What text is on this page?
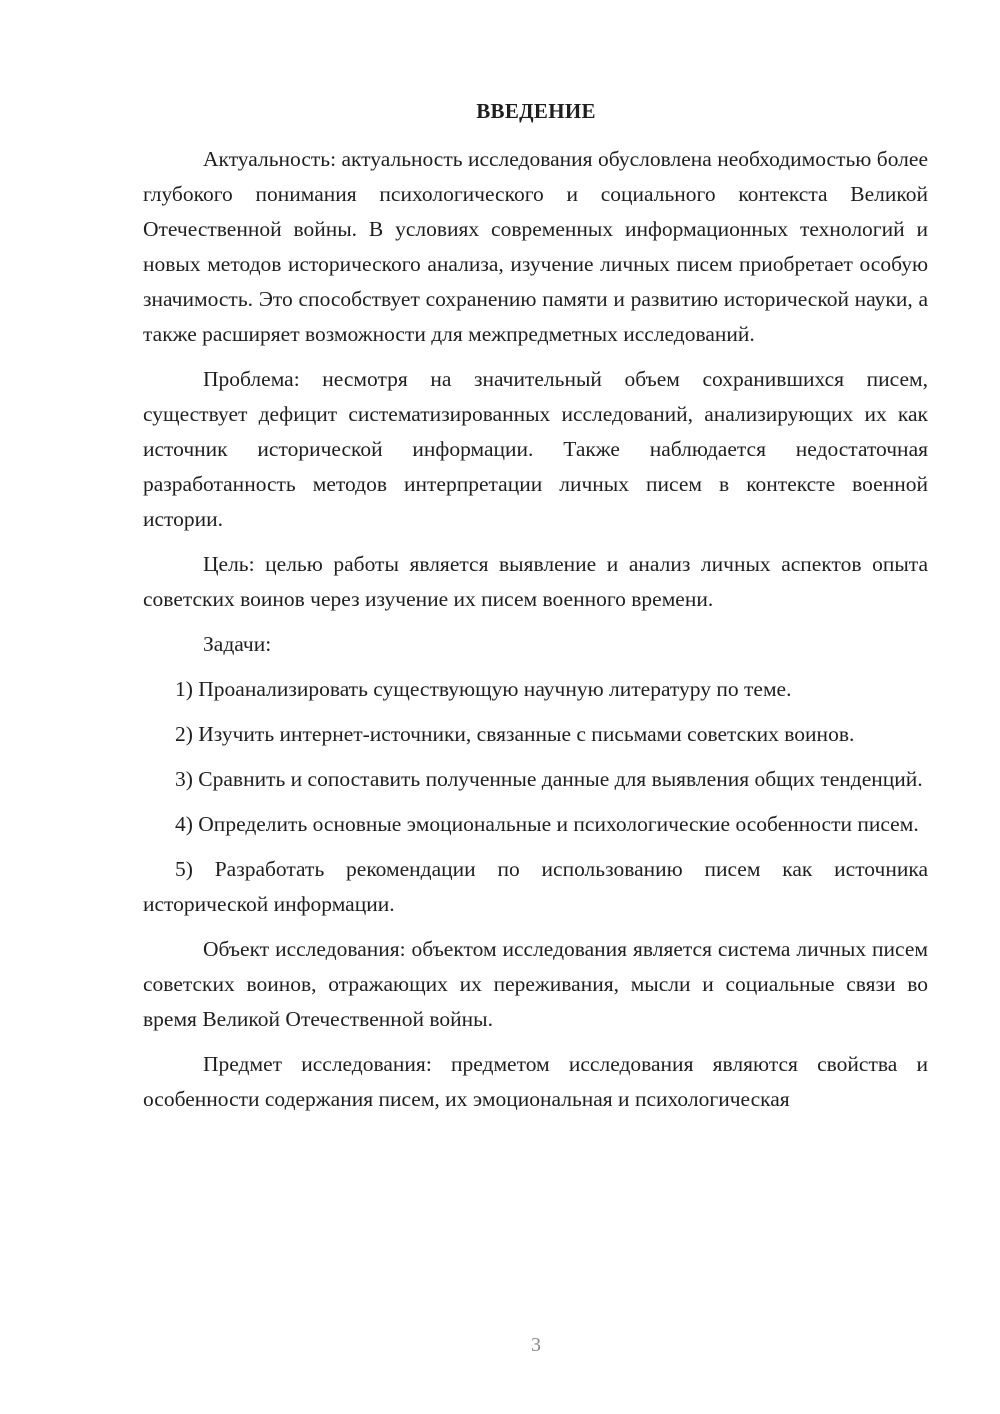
ВВЕДЕНИЕ

Актуальность: актуальность исследования обусловлена необходимостью более глубокого понимания психологического и социального контекста Великой Отечественной войны. В условиях современных информационных технологий и новых методов исторического анализа, изучение личных писем приобретает особую значимость. Это способствует сохранению памяти и развитию исторической науки, а также расширяет возможности для межпредметных исследований.

Проблема: несмотря на значительный объем сохранившихся писем, существует дефицит систематизированных исследований, анализирующих их как источник исторической информации. Также наблюдается недостаточная разработанность методов интерпретации личных писем в контексте военной истории.

Цель: целью работы является выявление и анализ личных аспектов опыта советских воинов через изучение их писем военного времени.

Задачи:

1) Проанализировать существующую научную литературу по теме.

2) Изучить интернет-источники, связанные с письмами советских воинов.

3) Сравнить и сопоставить полученные данные для выявления общих тенденций.

4) Определить основные эмоциональные и психологические особенности писем.

5) Разработать рекомендации по использованию писем как источника исторической информации.

Объект исследования: объектом исследования является система личных писем советских воинов, отражающих их переживания, мысли и социальные связи во время Великой Отечественной войны.

Предмет исследования: предметом исследования являются свойства и особенности содержания писем, их эмоциональная и психологическая

3
